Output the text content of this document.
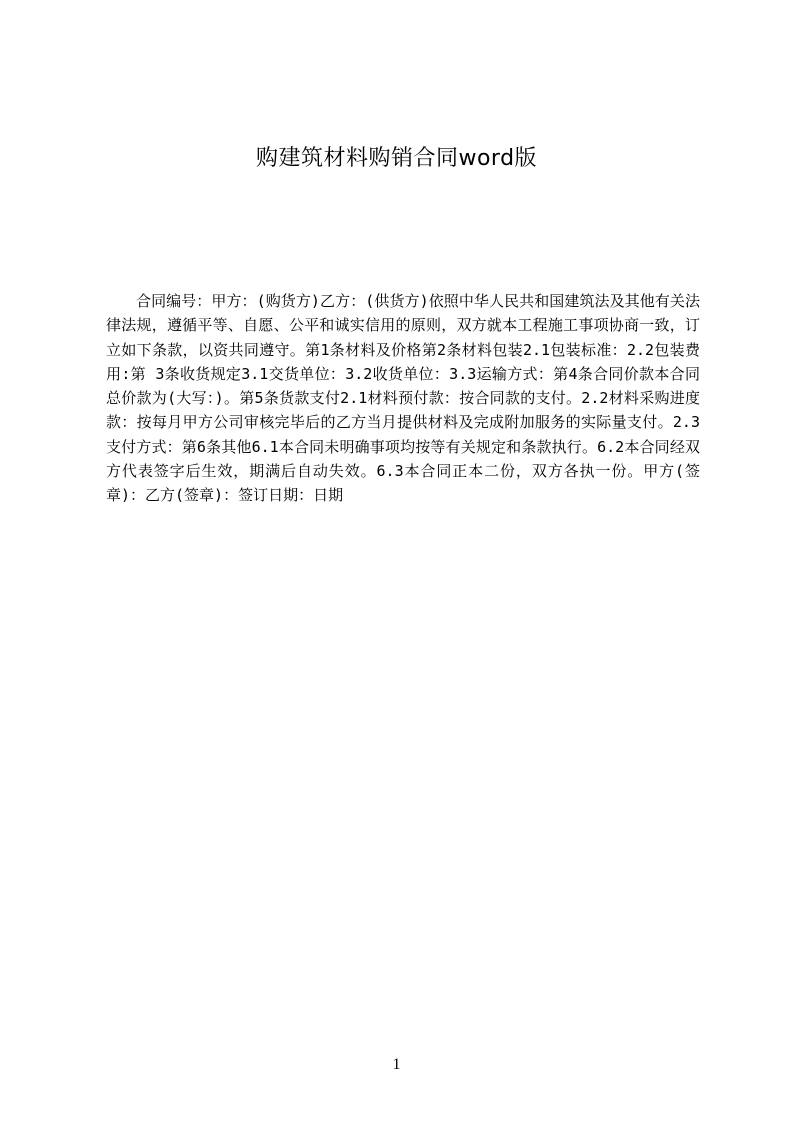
购建筑材料购销合同word版
合同编号：甲方：(购货方)乙方：(供货方)依照中华人民共和国建筑法及其他有关法律法规，遵循平等、自愿、公平和诚实信用的原则，双方就本工程施工事项协商一致，订立如下条款，以资共同遵守。第1条材料及价格第2条材料包装2.1包装标准：2.2包装费用:第 3条收货规定3.1交货单位：3.2收货单位：3.3运输方式：第4条合同价款本合同总价款为(大写：)。第5条货款支付2.1材料预付款：按合同款的支付。2.2材料采购进度款：按每月甲方公司审核完毕后的乙方当月提供材料及完成附加服务的实际量支付。2.3支付方式：第6条其他6.1本合同未明确事项均按等有关规定和条款执行。6.2本合同经双方代表签字后生效，期满后自动失效。6.3本合同正本二份，双方各执一份。甲方(签章)：乙方(签章)：签订日期：日期
1
